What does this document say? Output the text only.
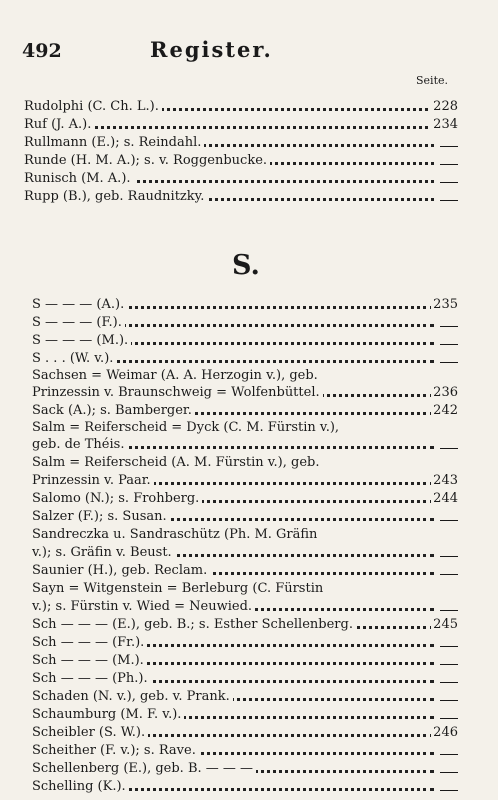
492	Register.
Seite.
Rudolphi (C. Ch. L.).	228
Ruf (J. A.).	234
Rullmann (E.); s. Reindahl.
Runde (H. M. A.); s. v. Roggenbucke.
Runisch (M. A.).
Rupp (B.), geb. Raudnitzky.
S.
S — — — (A.).	235
S — — — (F.).
S — — — (M.).
S . . . (W. v.).
Sachsen = Weimar (A. A. Herzogin v.), geb.
Prinzessin v. Braunschweig = Wolfenbüttel.	236
Sack (A.); s. Bamberger.	242
Salm = Reiferscheid = Dyck (C. M. Fürstin v.),
geb. de Théis.
Salm = Reiferscheid (A. M. Fürstin v.), geb.
Prinzessin v. Paar.	243
Salomo (N.); s. Frohberg.	244
Salzer (F.); s. Susan.
Sandreczka u. Sandraschütz (Ph. M. Gräfin
v.); s. Gräfin v. Beust.
Saunier (H.), geb. Reclam.
Sayn = Witgenstein = Berleburg (C. Fürstin
v.); s. Fürstin v. Wied = Neuwied.
Sch — — — (E.), geb. B.; s. Esther Schellenberg.	245
Sch — — — (Fr.).
Sch — — — (M.).
Sch — — — (Ph.).
Schaden (N. v.), geb. v. Prank.
Schaumburg (M. F. v.).
Scheibler (S. W.).	246
Scheither (F. v.); s. Rave.
Schellenberg (E.), geb. B. — — —
Schelling (K.).
